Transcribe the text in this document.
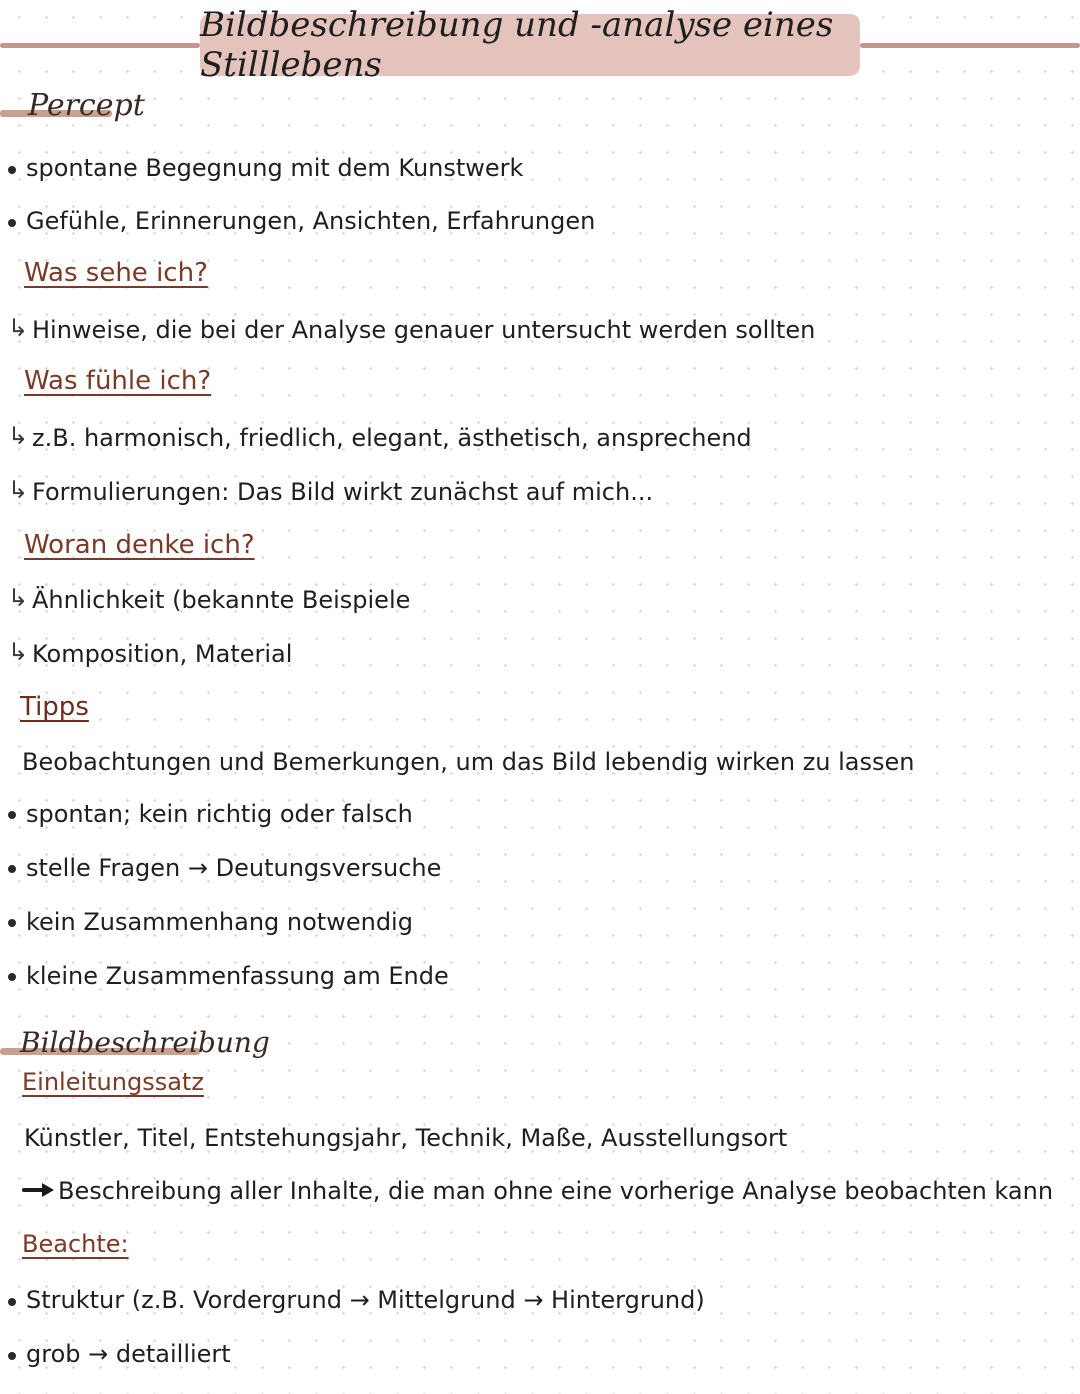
Bildbeschreibung und -analyse eines Stilllebens
Percept
spontane Begegnung mit dem Kunstwerk
Gefühle, Erinnerungen, Ansichten, Erfahrungen
Was sehe ich?
↳ Hinweise, die bei der Analyse genauer untersucht werden sollten
Was fühle ich?
↳ z.B. harmonisch, friedlich, elegant, ästhetisch, ansprechend
↳ Formulierungen: Das Bild wirkt zunächst auf mich...
Woran denke ich?
↳ Ähnlichkeit (bekannte Beispiele
↳ Komposition, Material
Tipps
Beobachtungen und Bemerkungen, um das Bild lebendig wirken zu lassen
spontan; kein richtig oder falsch
stelle Fragen → Deutungsversuche
kein Zusammenhang notwendig
kleine Zusammenfassung am Ende
Bildbeschreibung
Einleitungssatz
Künstler, Titel, Entstehungsjahr, Technik, Maße, Ausstellungsort
Beschreibung aller Inhalte, die man ohne eine vorherige Analyse beobachten kann
Beachte:
Struktur (z.B. Vordergrund → Mittelgrund → Hintergrund)
grob → detailliert
